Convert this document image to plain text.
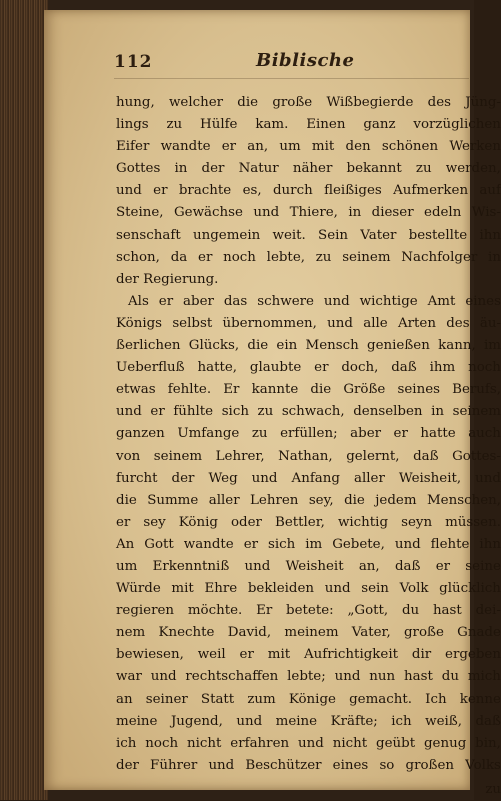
112	Biblische
hung, welcher die große Wißbegierde des Jüng-
lings zu Hülfe kam. Einen ganz vorzüglichen
Eifer wandte er an, um mit den schönen Werken
Gottes in der Natur näher bekannt zu werden,
und er brachte es, durch fleißiges Aufmerken auf
Steine, Gewächse und Thiere, in dieser edeln Wis-
senschaft ungemein weit. Sein Vater bestellte ihn
schon, da er noch lebte, zu seinem Nachfolger in
der Regierung.
Als er aber das schwere und wichtige Amt eines
Königs selbst übernommen, und alle Arten des äu-
ßerlichen Glücks, die ein Mensch genießen kann, im
Ueberfluß hatte, glaubte er doch, daß ihm noch
etwas fehlte. Er kannte die Größe seines Berufs,
und er fühlte sich zu schwach, denselben in seinem
ganzen Umfange zu erfüllen; aber er hatte auch
von seinem Lehrer, Nathan, gelernt, daß Gottes-
furcht der Weg und Anfang aller Weisheit, und
die Summe aller Lehren sey, die jedem Menschen,
er sey König oder Bettler, wichtig seyn müssen.
An Gott wandte er sich im Gebete, und flehte ihn
um Erkenntniß und Weisheit an, daß er seine
Würde mit Ehre bekleiden und sein Volk glücklich
regieren möchte. Er betete: „Gott, du hast dei-
nem Knechte David, meinem Vater, große Gnade
bewiesen, weil er mit Aufrichtigkeit dir ergeben
war und rechtschaffen lebte; und nun hast du mich
an seiner Statt zum Könige gemacht. Ich kenne
meine Jugend, und meine Kräfte; ich weiß, daß
ich noch nicht erfahren und nicht geübt genug bin,
der Führer und Beschützer eines so großen Volks
zu
